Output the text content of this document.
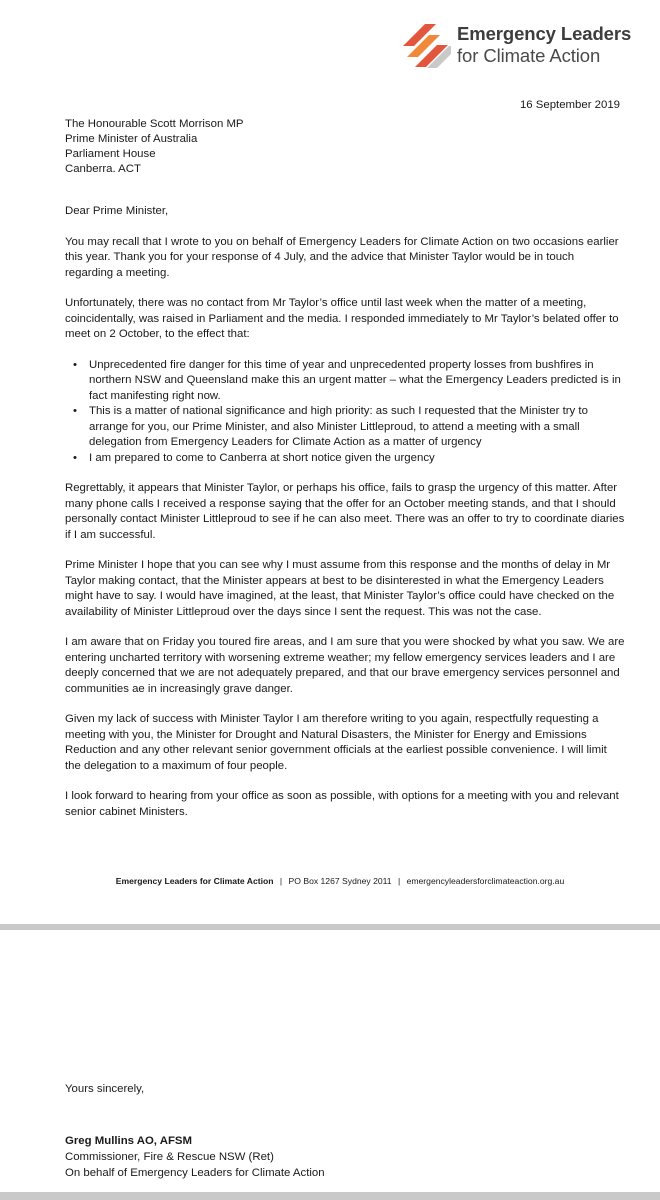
Emergency Leaders
for Climate Action
16 September 2019
The Honourable Scott Morrison MP
Prime Minister of Australia
Parliament House
Canberra. ACT

Dear Prime Minister,

You may recall that I wrote to you on behalf of Emergency Leaders for Climate Action on two occasions earlier this year. Thank you for your response of 4 July, and the advice that Minister Taylor would be in touch regarding a meeting.

Unfortunately, there was no contact from Mr Taylor’s office until last week when the matter of a meeting, coincidentally, was raised in Parliament and the media. I responded immediately to Mr Taylor’s belated offer to meet on 2 October, to the effect that:

• Unprecedented fire danger for this time of year and unprecedented property losses from bushfires in northern NSW and Queensland make this an urgent matter – what the Emergency Leaders predicted is in fact manifesting right now.
• This is a matter of national significance and high priority: as such I requested that the Minister try to arrange for you, our Prime Minister, and also Minister Littleproud, to attend a meeting with a small delegation from Emergency Leaders for Climate Action as a matter of urgency
• I am prepared to come to Canberra at short notice given the urgency

Regrettably, it appears that Minister Taylor, or perhaps his office, fails to grasp the urgency of this matter. After many phone calls I received a response saying that the offer for an October meeting stands, and that I should personally contact Minister Littleproud to see if he can also meet. There was an offer to try to coordinate diaries if I am successful.

Prime Minister I hope that you can see why I must assume from this response and the months of delay in Mr Taylor making contact, that the Minister appears at best to be disinterested in what the Emergency Leaders might have to say. I would have imagined, at the least, that Minister Taylor’s office could have checked on the availability of Minister Littleproud over the days since I sent the request. This was not the case.

I am aware that on Friday you toured fire areas, and I am sure that you were shocked by what you saw. We are entering uncharted territory with worsening extreme weather; my fellow emergency services leaders and I are deeply concerned that we are not adequately prepared, and that our brave emergency services personnel and communities ae in increasingly grave danger.

Given my lack of success with Minister Taylor I am therefore writing to you again, respectfully requesting a meeting with you, the Minister for Drought and Natural Disasters, the Minister for Energy and Emissions Reduction and any other relevant senior government officials at the earliest possible convenience. I will limit the delegation to a maximum of four people.

I look forward to hearing from your office as soon as possible, with options for a meeting with you and relevant senior cabinet Ministers.

Emergency Leaders for Climate Action | PO Box 1267 Sydney 2011 | emergencyleadersforclimateaction.org.au
Yours sincerely,
Greg Mullins AO, AFSM
Commissioner, Fire & Rescue NSW (Ret)
On behalf of Emergency Leaders for Climate Action
